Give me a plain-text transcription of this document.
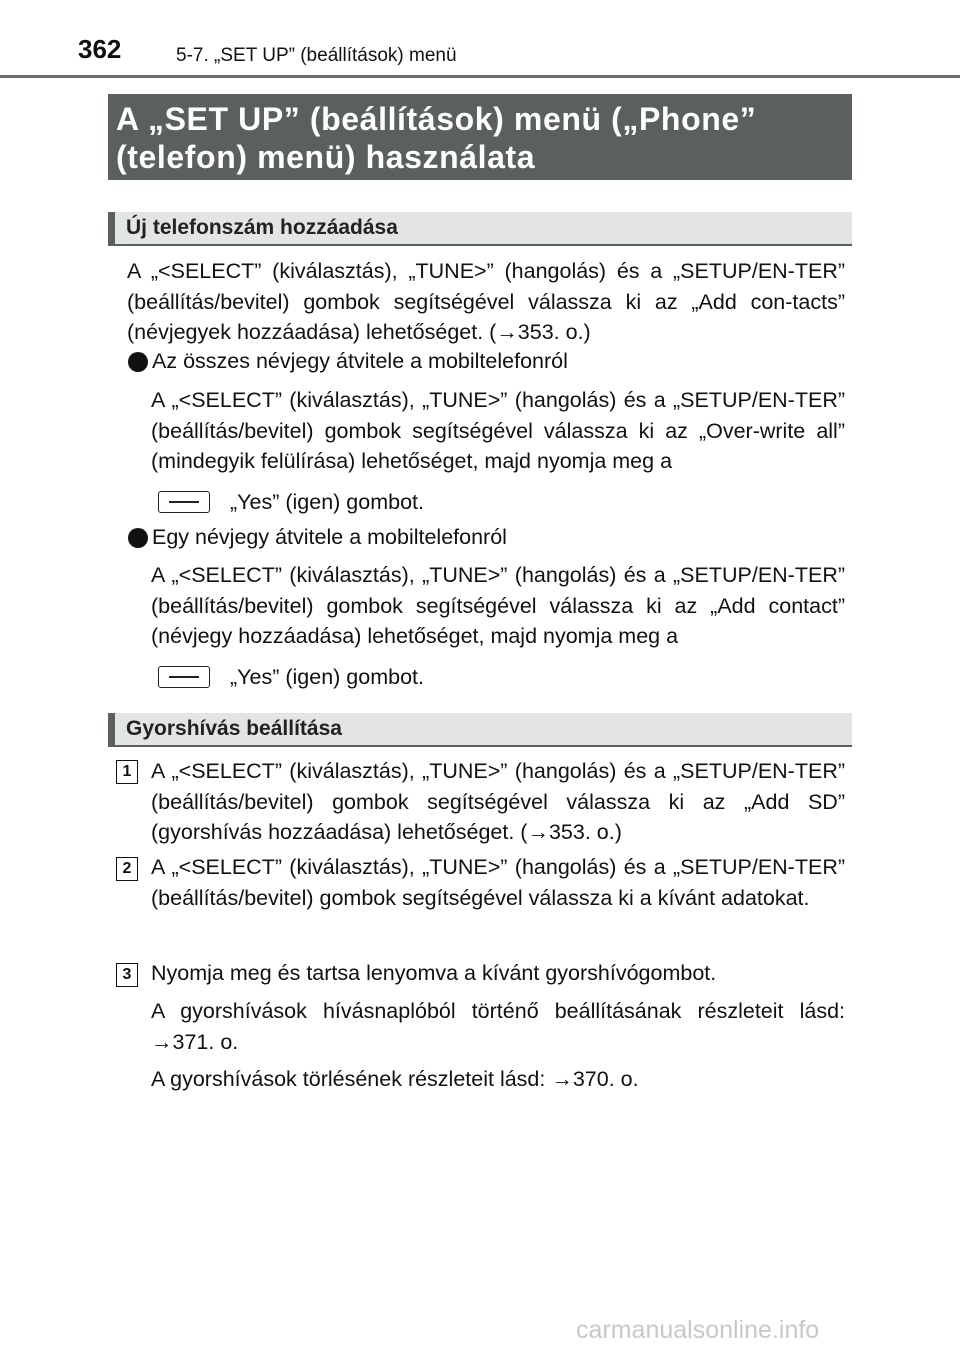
362	5-7. „SET UP” (beállítások) menü
A „SET UP” (beállítások) menü („Phone”
(telefon) menü) használata
Új telefonszám hozzáadása
A „<SELECT” (kiválasztás), „TUNE>” (hangolás) és a „SETUP/EN-TER” (beállítás/bevitel) gombok segítségével válassza ki az „Add con-tacts” (névjegyek hozzáadása) lehetőséget. (→353. o.)
Az összes névjegy átvitele a mobiltelefonról
A „<SELECT” (kiválasztás), „TUNE>” (hangolás) és a „SETUP/EN-TER” (beállítás/bevitel) gombok segítségével válassza ki az „Over-write all” (mindegyik felülírása) lehetőséget, majd nyomja meg a
„Yes” (igen) gombot.
Egy névjegy átvitele a mobiltelefonról
A „<SELECT” (kiválasztás), „TUNE>” (hangolás) és a „SETUP/EN-TER” (beállítás/bevitel) gombok segítségével válassza ki az „Add contact” (névjegy hozzáadása) lehetőséget, majd nyomja meg a
„Yes” (igen) gombot.
Gyorshívás beállítása
1 A „<SELECT” (kiválasztás), „TUNE>” (hangolás) és a „SETUP/EN-TER” (beállítás/bevitel) gombok segítségével válassza ki az „Add SD” (gyorshívás hozzáadása) lehetőséget. (→353. o.)
2 A „<SELECT” (kiválasztás), „TUNE>” (hangolás) és a „SETUP/EN-TER” (beállítás/bevitel) gombok segítségével válassza ki a kívánt adatokat.
3 Nyomja meg és tartsa lenyomva a kívánt gyorshívógombot.
A gyorshívások hívásnaplóból történő beállításának részleteit lásd: →371. o.
A gyorshívások törlésének részleteit lásd: →370. o.
carmanualsonline.info
